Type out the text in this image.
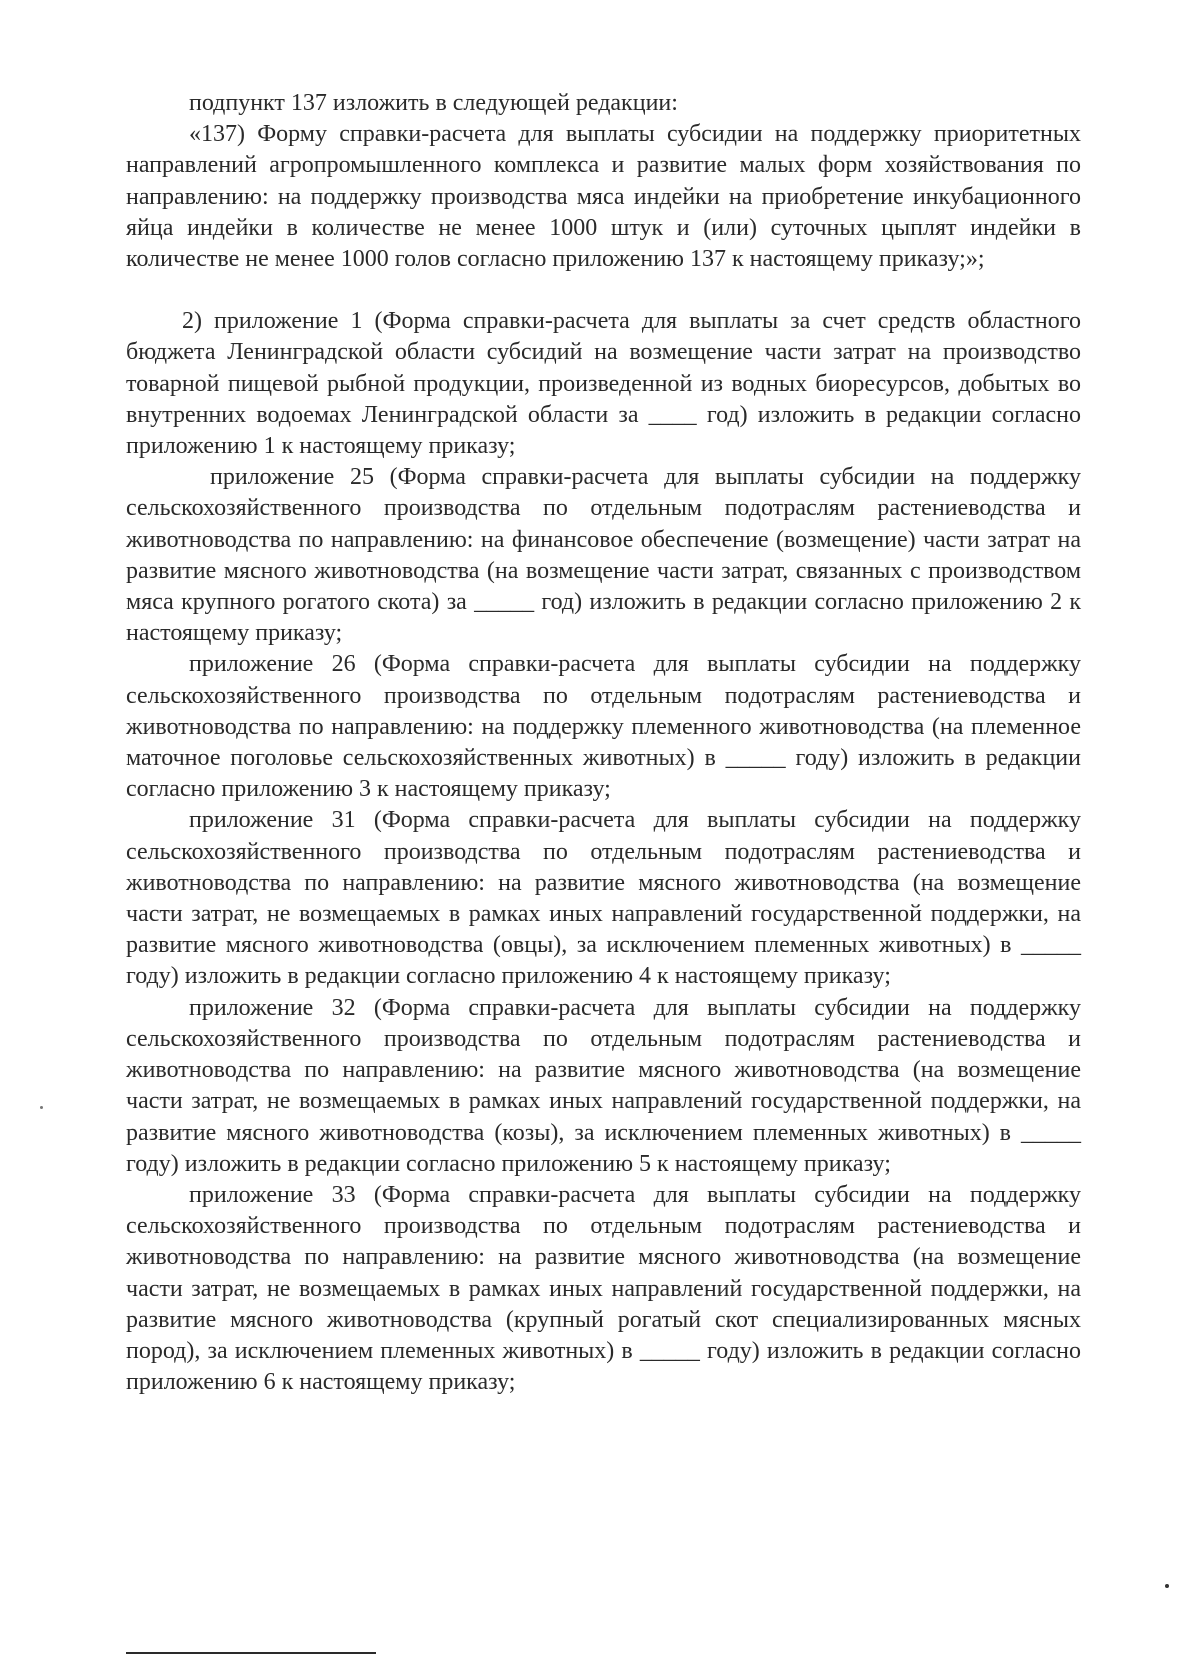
подпункт 137 изложить в следующей редакции:

«137) Форму справки-расчета для выплаты субсидии на поддержку приоритетных направлений агропромышленного комплекса и развитие малых форм хозяйствования по направлению: на поддержку производства мяса индейки на приобретение инкубационного яйца индейки в количестве не менее 1000 штук и (или) суточных цыплят индейки в количестве не менее 1000 голов согласно приложению 137 к настоящему приказу;»;

2) приложение 1 (Форма справки-расчета для выплаты за счет средств областного бюджета Ленинградской области субсидий на возмещение части затрат на производство товарной пищевой рыбной продукции, произведенной из водных биоресурсов, добытых во внутренних водоемах Ленинградской области за ____ год) изложить в редакции согласно приложению 1 к настоящему приказу;

приложение 25 (Форма справки-расчета для выплаты субсидии на поддержку сельскохозяйственного производства по отдельным подотраслям растениеводства и животноводства по направлению: на финансовое обеспечение (возмещение) части затрат на развитие мясного животноводства (на возмещение части затрат, связанных с производством мяса крупного рогатого скота) за _____ год) изложить в редакции согласно приложению 2 к настоящему приказу;

приложение 26 (Форма справки-расчета для выплаты субсидии на поддержку сельскохозяйственного производства по отдельным подотраслям растениеводства и животноводства по направлению: на поддержку племенного животноводства (на племенное маточное поголовье сельскохозяйственных животных) в _____ году) изложить в редакции согласно приложению 3 к настоящему приказу;

приложение 31 (Форма справки-расчета для выплаты субсидии на поддержку сельскохозяйственного производства по отдельным подотраслям растениеводства и животноводства по направлению: на развитие мясного животноводства (на возмещение части затрат, не возмещаемых в рамках иных направлений государственной поддержки, на развитие мясного животноводства (овцы), за исключением племенных животных) в _____ году) изложить в редакции согласно приложению 4 к настоящему приказу;

приложение 32 (Форма справки-расчета для выплаты субсидии на поддержку сельскохозяйственного производства по отдельным подотраслям растениеводства и животноводства по направлению: на развитие мясного животноводства (на возмещение части затрат, не возмещаемых в рамках иных направлений государственной поддержки, на развитие мясного животноводства (козы), за исключением племенных животных) в _____ году) изложить в редакции согласно приложению 5 к настоящему приказу;

приложение 33 (Форма справки-расчета для выплаты субсидии на поддержку сельскохозяйственного производства по отдельным подотраслям растениеводства и животноводства по направлению: на развитие мясного животноводства (на возмещение части затрат, не возмещаемых в рамках иных направлений государственной поддержки, на развитие мясного животноводства (крупный рогатый скот специализированных мясных пород), за исключением племенных животных) в _____ году) изложить в редакции согласно приложению 6 к настоящему приказу;
